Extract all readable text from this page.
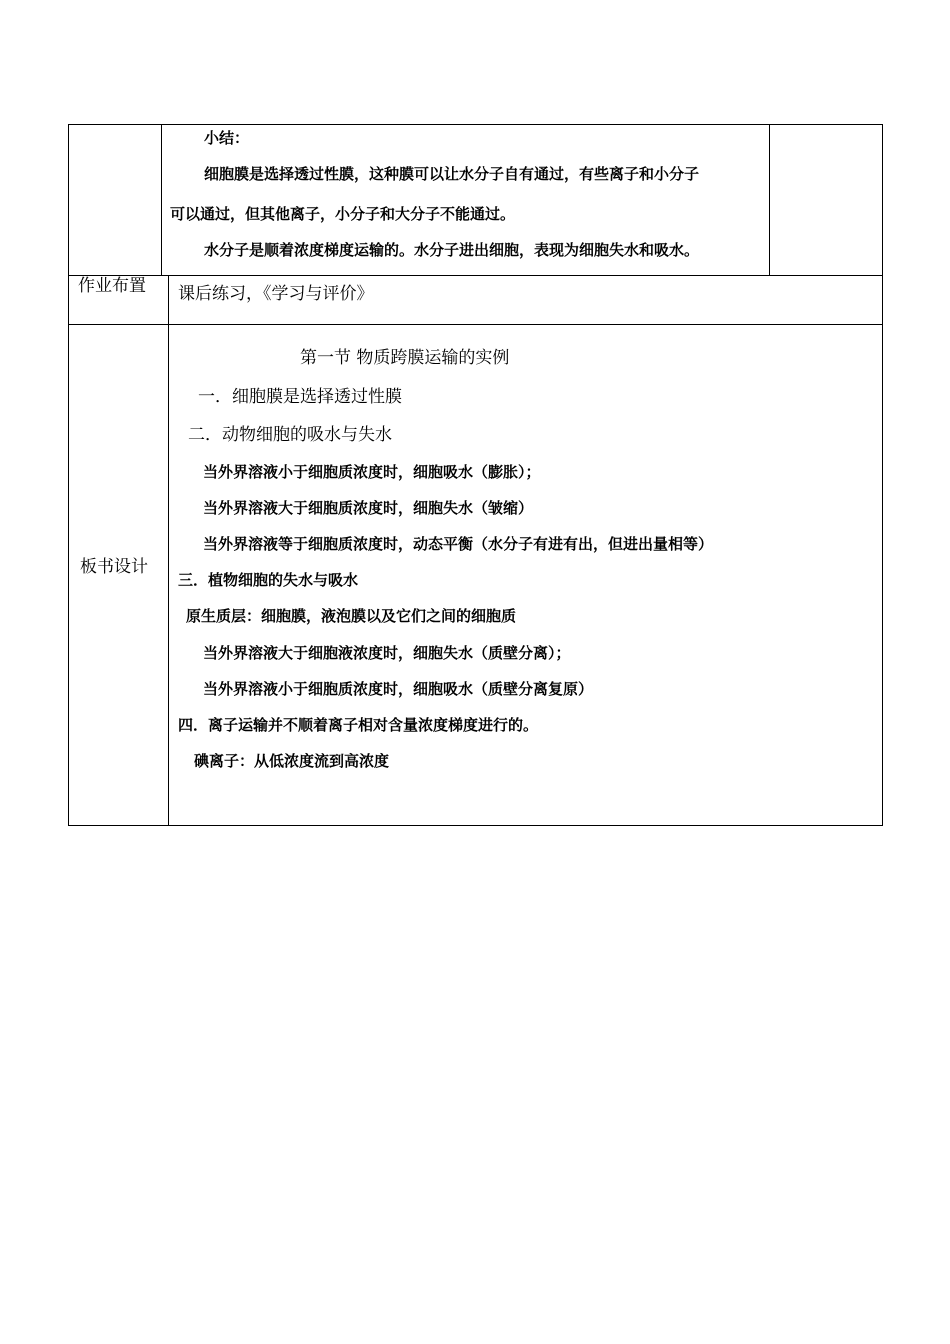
小结：
细胞膜是选择透过性膜，这种膜可以让水分子自有通过，有些离子和小分子
可以通过，但其他离子，小分子和大分子不能通过。
水分子是顺着浓度梯度运输的。水分子进出细胞，表现为细胞失水和吸水。
作业布置 课后练习，《学习与评价》
板书设计
第一节 物质跨膜运输的实例
一．细胞膜是选择透过性膜
二．动物细胞的吸水与失水
当外界溶液小于细胞质浓度时，细胞吸水（膨胀）；
当外界溶液大于细胞质浓度时，细胞失水（皱缩）
当外界溶液等于细胞质浓度时，动态平衡（水分子有进有出，但进出量相等）
三．植物细胞的失水与吸水
原生质层：细胞膜，液泡膜以及它们之间的细胞质
当外界溶液大于细胞液浓度时，细胞失水（质壁分离）；
当外界溶液小于细胞质浓度时，细胞吸水（质壁分离复原）
四．离子运输并不顺着离子相对含量浓度梯度进行的。
碘离子：从低浓度流到高浓度
